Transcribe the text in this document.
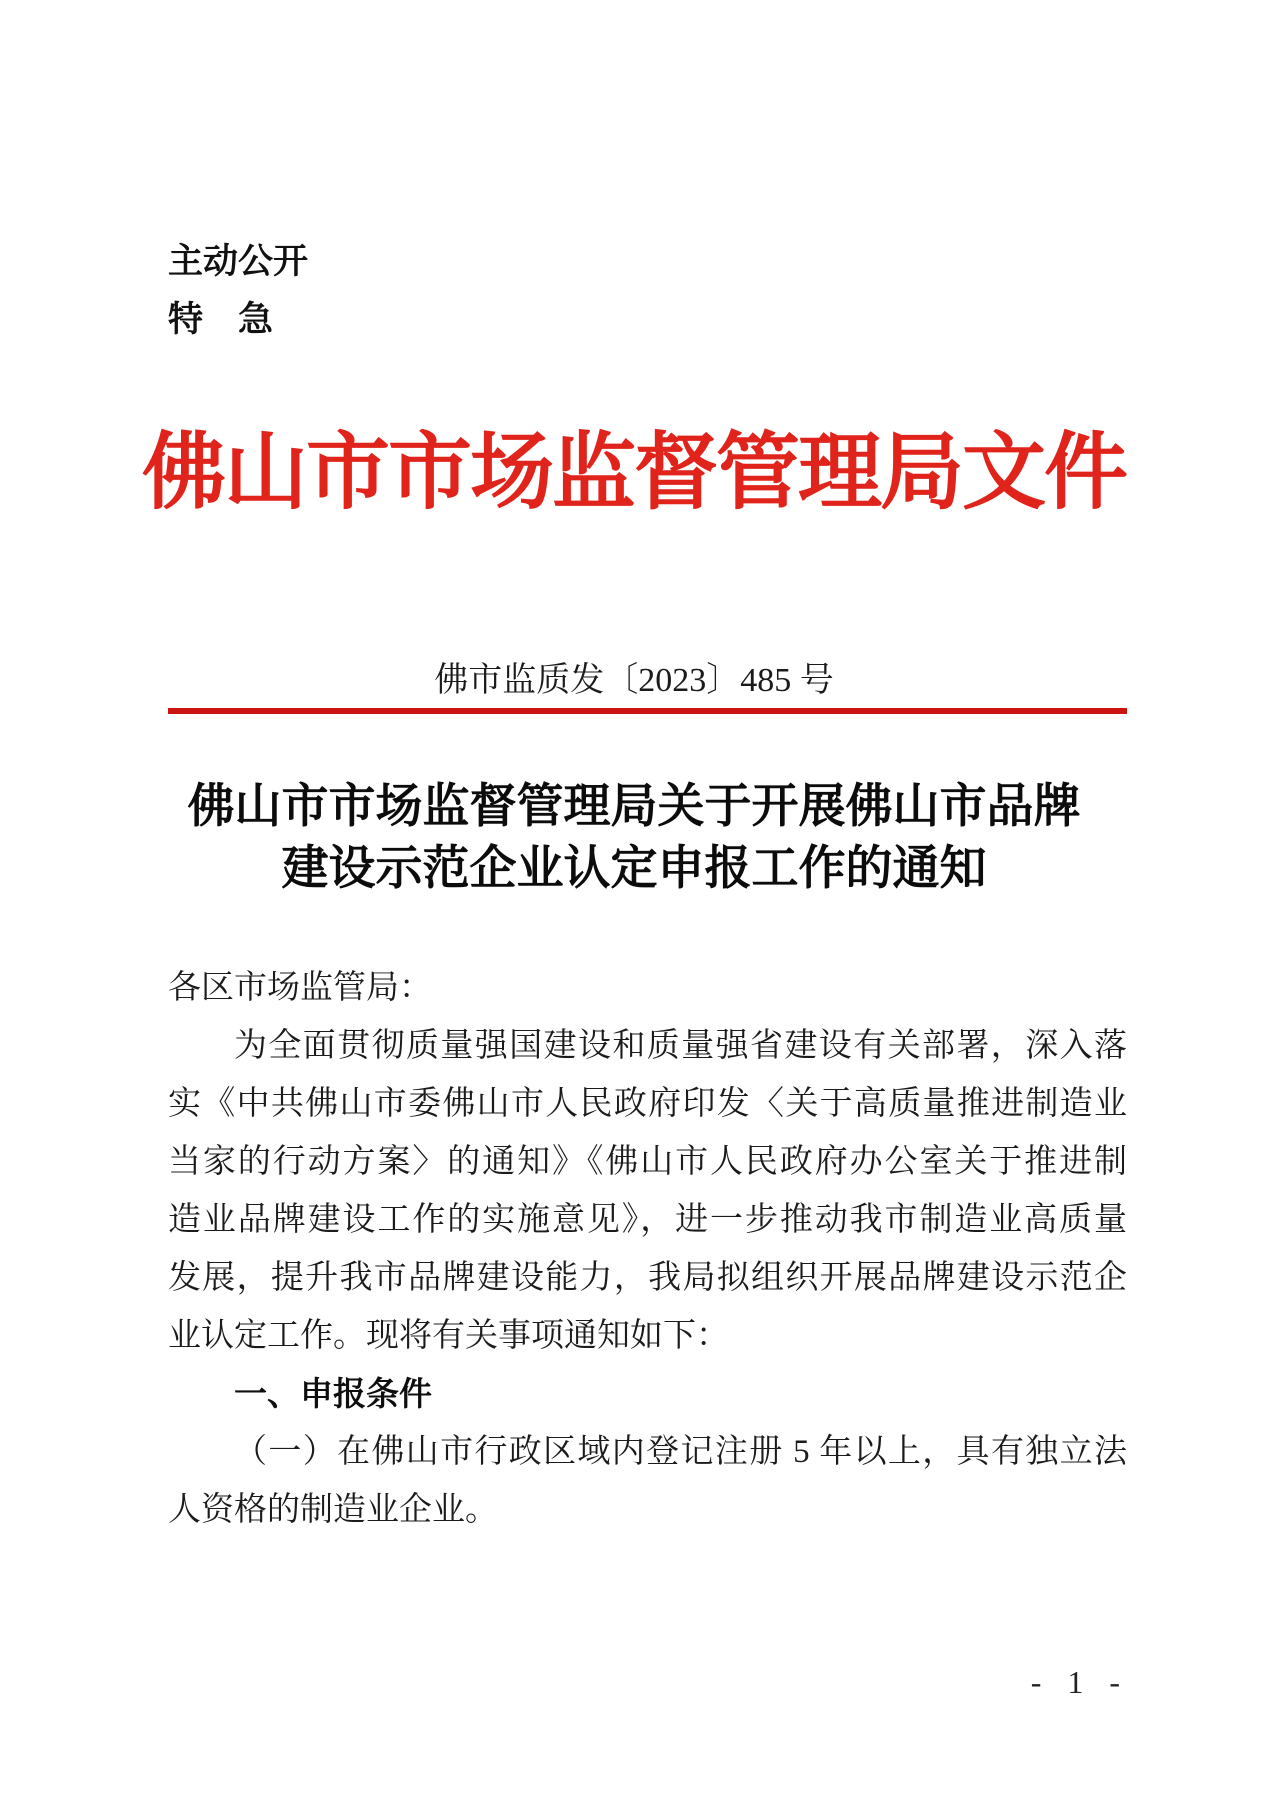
主动公开
特　急
佛山市市场监督管理局文件
佛市监质发〔2023〕485 号
佛山市市场监督管理局关于开展佛山市品牌
建设示范企业认定申报工作的通知
各区市场监管局：
为全面贯彻质量强国建设和质量强省建设有关部署，深入落
实《中共佛山市委佛山市人民政府印发〈关于高质量推进制造业
当家的行动方案〉的通知》《佛山市人民政府办公室关于推进制
造业品牌建设工作的实施意见》，进一步推动我市制造业高质量
发展，提升我市品牌建设能力，我局拟组织开展品牌建设示范企
业认定工作。现将有关事项通知如下：
一、申报条件
（一）在佛山市行政区域内登记注册 5 年以上，具有独立法
人资格的制造业企业。
- 1 -
